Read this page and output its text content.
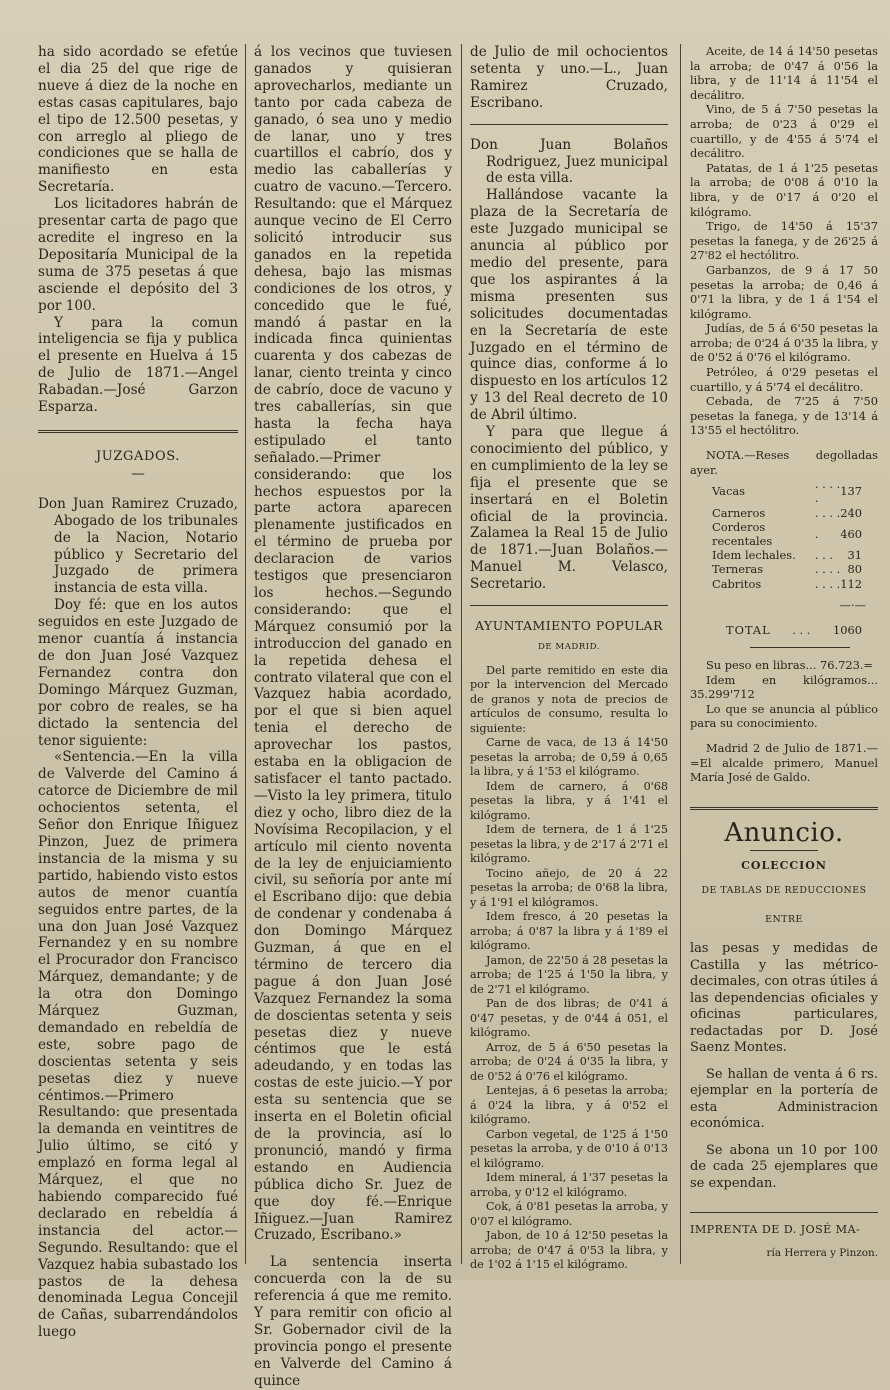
ha sido acordado se efetúe el dia 25 del que rige de nueve á diez de la noche en estas casas capitulares, bajo el tipo de 12.500 pesetas, y con arreglo al pliego de condiciones que se halla de manifiesto en esta Secretaría.

Los licitadores habrán de presentar carta de pago que acredite el ingreso en la Depositaría Municipal de la suma de 375 pesetas á que asciende el depósito del 3 por 100.

Y para la comun inteligencia se fija y publica el presente en Huelva á 15 de Julio de 1871.—Angel Rabadan.—José Garzon Esparza.

JUZGADOS.
—

Don Juan Ramirez Cruzado, Abogado de los tribunales de la Nacion, Notario público y Secretario del Juzgado de primera instancia de esta villa.

Doy fé: que en los autos seguidos en este Juzgado de menor cuantía á instancia de don Juan José Vazquez Fernandez contra don Domingo Márquez Guzman, por cobro de reales, se ha dictado la sentencia del tenor siguiente:

«Sentencia.—En la villa de Valverde del Camino á catorce de Diciembre de mil ochocientos setenta, el Señor don Enrique Iñiguez Pinzon, Juez de primera instancia de la misma y su partido, habiendo visto estos autos de menor cuantía seguidos entre partes, de la una don Juan José Vazquez Fernandez y en su nombre el Procurador don Francisco Márquez, demandante; y de la otra don Domingo Márquez Guzman, demandado en rebeldía de este, sobre pago de doscientas setenta y seis pesetas diez y nueve céntimos.—Primero Resultando: que presentada la demanda en veintitres de Julio último, se citó y emplazó en forma legal al Márquez, el que no habiendo comparecido fué declarado en rebeldía á instancia del actor.—Segundo. Resultando: que el Vazquez habia subastado los pastos de la dehesa denominada Legua Concejil de Cañas, subarrendándolos luego

á los vecinos que tuviesen ganados y quisieran aprovecharlos, mediante un tanto por cada cabeza de ganado, ó sea uno y medio de lanar, uno y tres cuartillos el cabrío, dos y medio las caballerías y cuatro de vacuno.—Tercero. Resultando: que el Márquez aunque vecino de El Cerro solicitó introducir sus ganados en la repetida dehesa, bajo las mismas condiciones de los otros, y concedido que le fué, mandó á pastar en la indicada finca quinientas cuarenta y dos cabezas de lanar, ciento treinta y cinco de cabrío, doce de vacuno y tres caballerías, sin que hasta la fecha haya estipulado el tanto señalado.—Primer considerando: que los hechos espuestos por la parte actora aparecen plenamente justificados en el término de prueba por declaracion de varios testigos que presenciaron los hechos.—Segundo considerando: que el Márquez consumió por la introduccion del ganado en la repetida dehesa el contrato vilateral que con el Vazquez habia acordado, por el que si bien aquel tenia el derecho de aprovechar los pastos, estaba en la obligacion de satisfacer el tanto pactado.—Visto la ley primera, titulo diez y ocho, libro diez de la Novísima Recopilacion, y el artículo mil ciento noventa de la ley de enjuiciamiento civil, su señoría por ante mí el Escribano dijo: que debia de condenar y condenaba á don Domingo Márquez Guzman, á que en el término de tercero dia pague á don Juan José Vazquez Fernandez la soma de doscientas setenta y seis pesetas diez y nueve céntimos que le está adeudando, y en todas las costas de este juicio.—Y por esta su sentencia que se inserta en el Boletin oficial de la provincia, así lo pronunció, mandó y firma estando en Audiencia pública dicho Sr. Juez de que doy fé.—Enrique Iñiguez.—Juan Ramirez Cruzado, Escribano.»

La sentencia inserta concuerda con la de su referencia á que me remito. Y para remitir con oficio al Sr. Gobernador civil de la provincia pongo el presente en Valverde del Camino á quince

de Julio de mil ochocientos setenta y uno.—L., Juan Ramirez Cruzado, Escribano.

Don Juan Bolaños Rodriguez, Juez municipal de esta villa.

Hallándose vacante la plaza de la Secretaría de este Juzgado municipal se anuncia al público por medio del presente, para que los aspirantes á la misma presenten sus solicitudes documentadas en la Secretaría de este Juzgado en el término de quince dias, conforme á lo dispuesto en los artículos 12 y 13 del Real decreto de 10 de Abril último.

Y para que llegue á conocimiento del público, y en cumplimiento de la ley se fija el presente que se insertará en el Boletin oficial de la provincia. Zalamea la Real 15 de Julio de 1871.—Juan Bolaños.—Manuel M. Velasco, Secretario.

AYUNTAMIENTO POPULAR
DE MADRID.

Del parte remitido en este dia por la intervencion del Mercado de granos y nota de precios de artículos de consumo, resulta lo siguiente:

Carne de vaca, de 13 á 14'50 pesetas la arroba; de 0,59 á 0,65 la libra, y á 1'53 el kilógramo.

Idem de carnero, á 0'68 pesetas la libra, y á 1'41 el kilógramo.

Idem de ternera, de 1 á 1'25 pesetas la libra, y de 2'17 á 2'71 el kilógramo.

Tocino añejo, de 20 á 22 pesetas la arroba; de 0'68 la libra, y á 1'91 el kilógramos.

Idem fresco, á 20 pesetas la arroba; á 0'87 la libra y á 1'89 el kilógramo.

Jamon, de 22'50 á 28 pesetas la arroba; de 1'25 á 1'50 la libra, y de 2'71 el kilógramo.

Pan de dos libras; de 0'41 á 0'47 pesetas, y de 0'44 á 051, el kilógramo.

Arroz, de 5 á 6'50 pesetas la arroba; de 0'24 á 0'35 la libra, y de 0'52 á 0'76 el kilógramo.

Lentejas, á 6 pesetas la arroba; á 0'24 la libra, y á 0'52 el kilógramo.

Carbon vegetal, de 1'25 á 1'50 pesetas la arroba, y de 0'10 á 0'13 el kilógramo.

Idem mineral, á 1'37 pesetas la arroba, y 0'12 el kilógramo.

Cok, á 0'81 pesetas la arroba, y 0'07 el kilógramo.

Jabon, de 10 á 12'50 pesetas la arroba; de 0'47 á 0'53 la libra, y de 1'02 á 1'15 el kilógramo.

Aceite, de 14 á 14'50 pesetas la arroba; de 0'47 á 0'56 la libra, y de 11'14 á 11'54 el decálitro.

Vino, de 5 á 7'50 pesetas la arroba; de 0'23 á 0'29 el cuartillo, y de 4'55 á 5'74 el decálitro.

Patatas, de 1 á 1'25 pesetas la arroba; de 0'08 á 0'10 la libra, y de 0'17 á 0'20 el kilógramo.

Trigo, de 14'50 á 15'37 pesetas la fanega, y de 26'25 á 27'82 el hectólitro.

Garbanzos, de 9 á 17 50 pesetas la arroba; de 0,46 á 0'71 la libra, y de 1 á 1'54 el kilógramo.

Judías, de 5 á 6'50 pesetas la arroba; de 0'24 á 0'35 la libra, y de 0'52 á 0'76 el kilógramo.

Petróleo, á 0'29 pesetas el cuartillo, y á 5'74 el decálitro.

Cebada, de 7'25 á 7'50 pesetas la fanega, y de 13'14 á 13'55 el hectólitro.

NOTA.—Reses degolladas ayer.

Vacas	. . . . .	137
Carneros	. . . .	240
Corderos recentales	.	460
Idem lechales.	. . .	31
Terneras	. . . .	80
Cabritos	. . . .	112
—·—
TOTAL	. . .	1060

Su peso en libras... 76.723.=

Idem en kilógramos... 35.299'712

Lo que se anuncia al público para su conocimiento.

Madrid 2 de Julio de 1871.—=El alcalde primero, Manuel María José de Galdo.

Anuncio.
COLECCION
DE TABLAS DE REDUCCIONES
ENTRE

las pesas y medidas de Castilla y las métrico-decimales, con otras útiles á las dependencias oficiales y oficinas particulares, redactadas por D. José Saenz Montes.

Se hallan de venta á 6 rs. ejemplar en la portería de esta Administracion económica.

Se abona un 10 por 100 de cada 25 ejemplares que se expendan.

IMPRENTA DE D. JOSÉ MA-
ría Herrera y Pinzon.
